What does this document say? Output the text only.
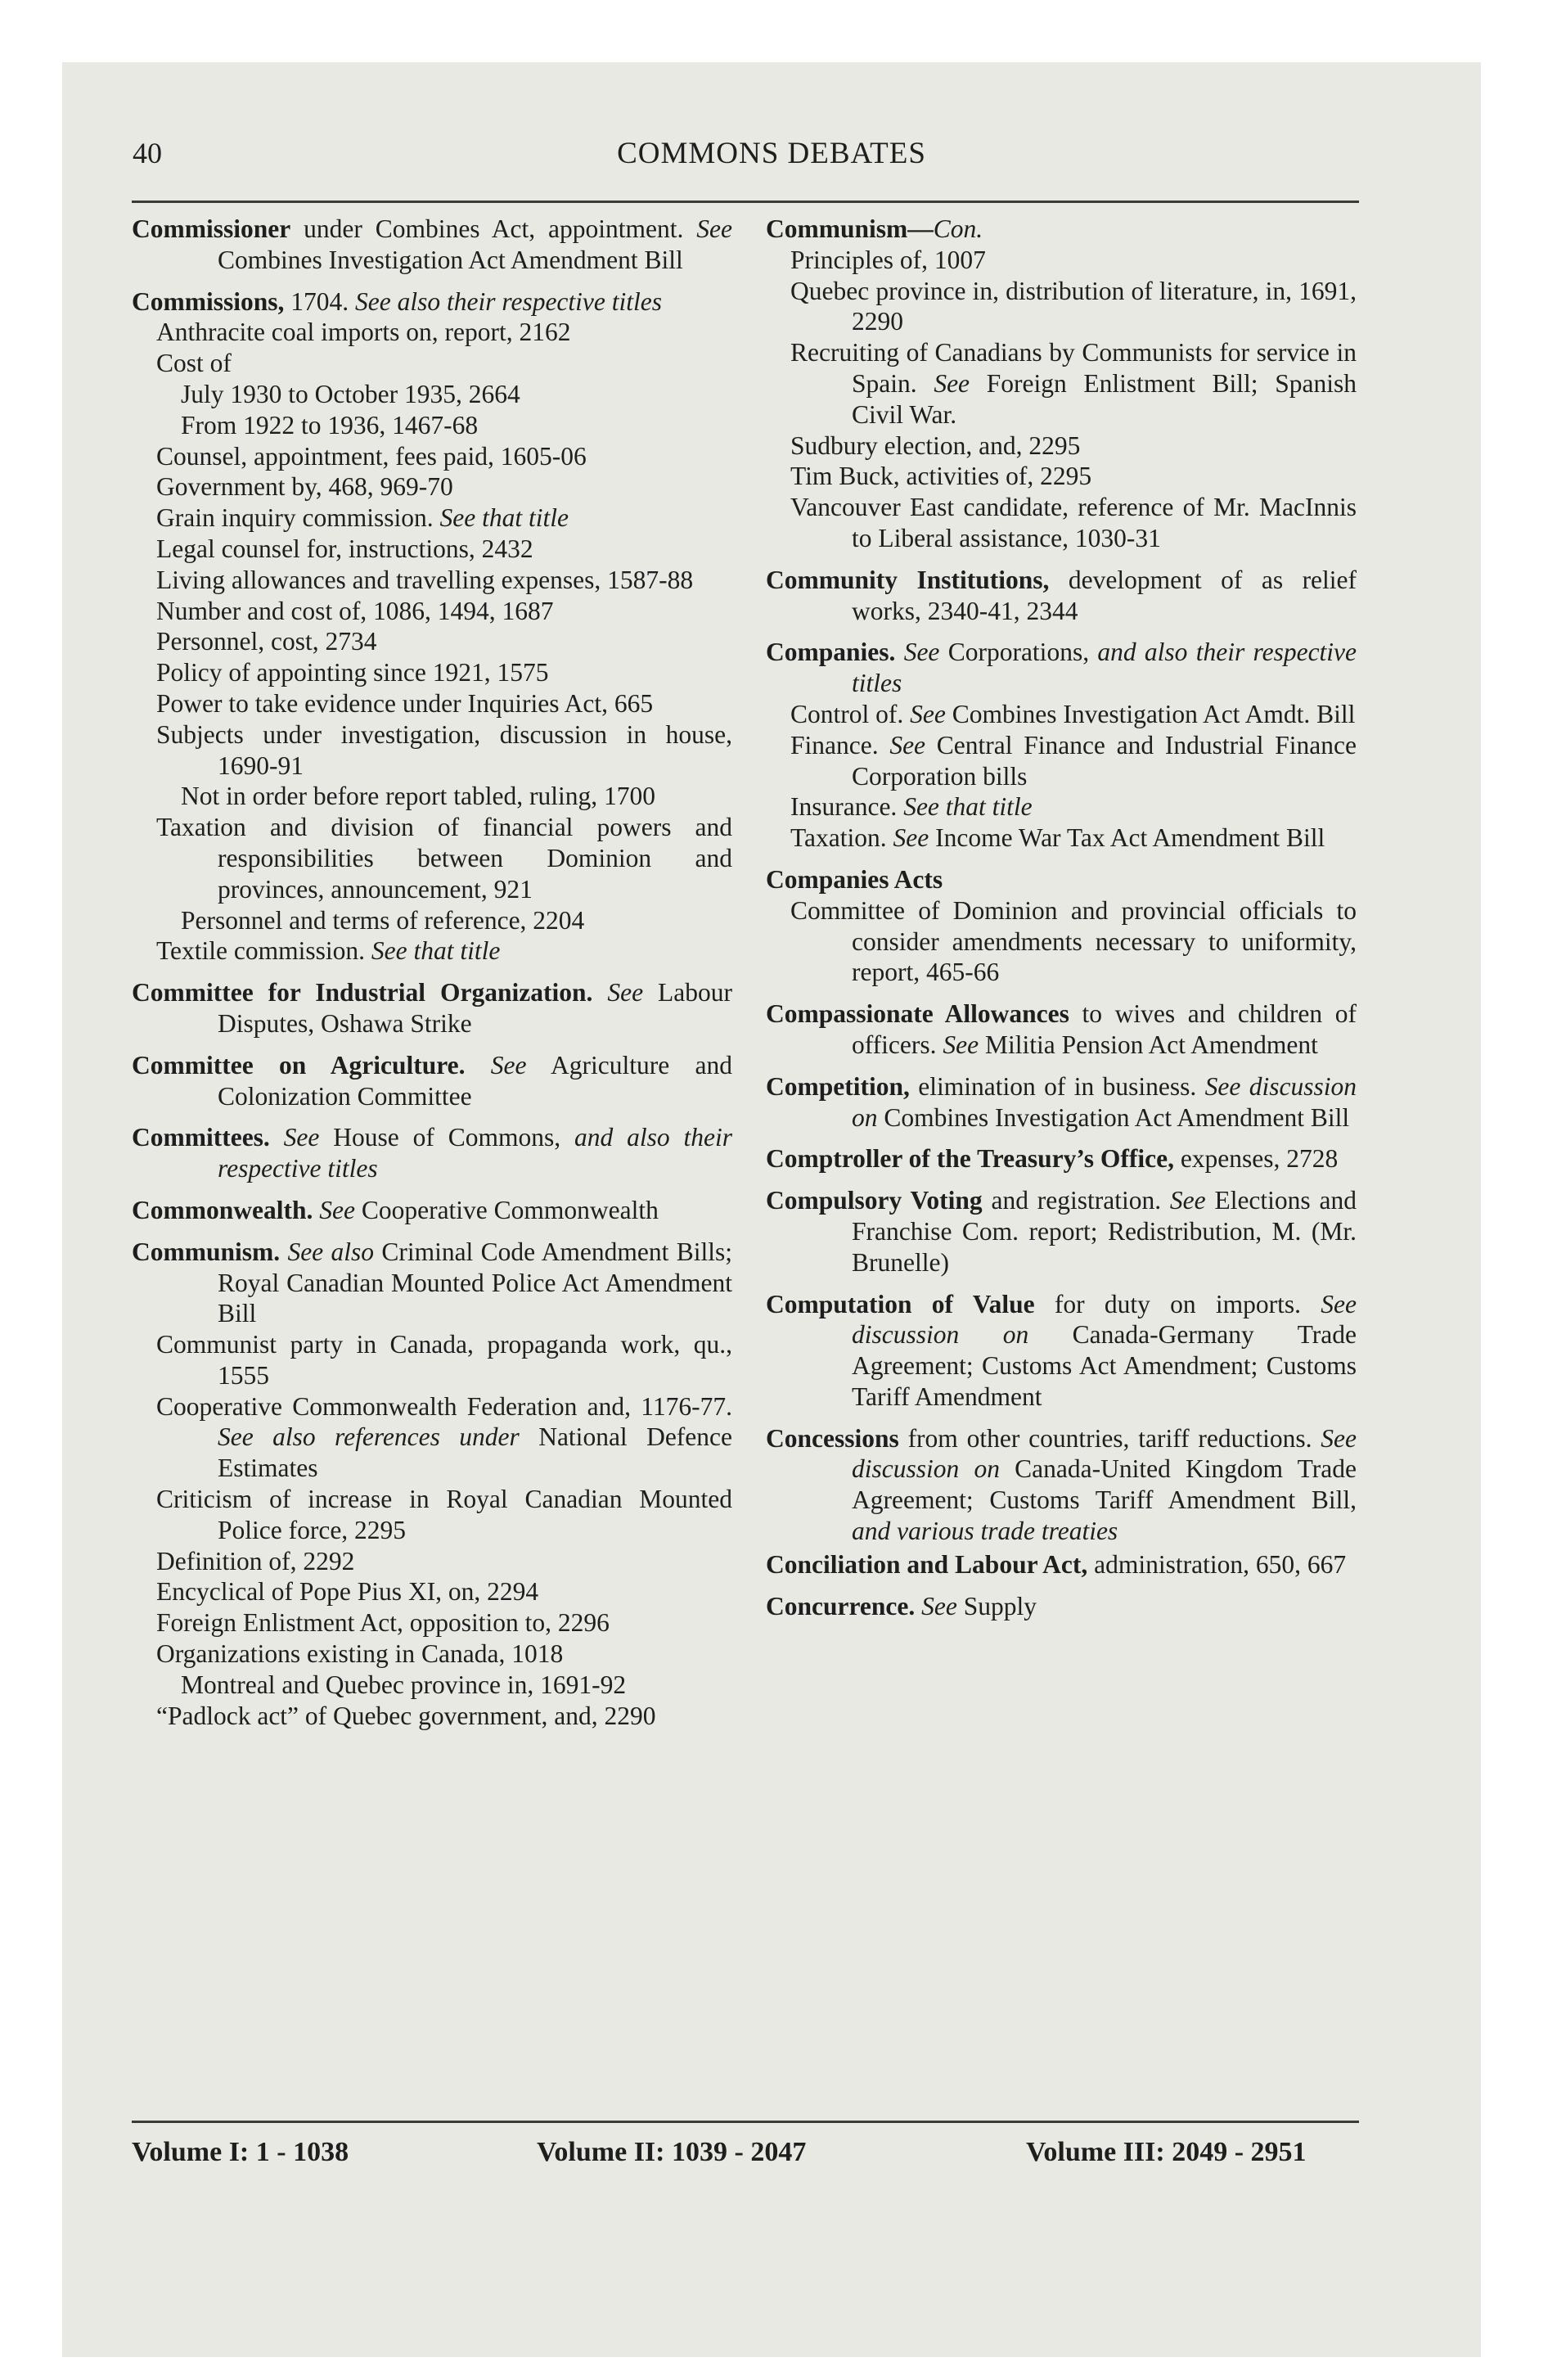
40	COMMONS DEBATES
Commissioner under Combines Act, appointment. See Combines Investigation Act Amendment Bill
Commissions, 1704. See also their respective titles
Anthracite coal imports on, report, 2162
Cost of
July 1930 to October 1935, 2664
From 1922 to 1936, 1467-68
Counsel, appointment, fees paid, 1605-06
Government by, 468, 969-70
Grain inquiry commission. See that title
Legal counsel for, instructions, 2432
Living allowances and travelling expenses, 1587-88
Number and cost of, 1086, 1494, 1687
Personnel, cost, 2734
Policy of appointing since 1921, 1575
Power to take evidence under Inquiries Act, 665
Subjects under investigation, discussion in house, 1690-91
Not in order before report tabled, ruling, 1700
Taxation and division of financial powers and responsibilities between Dominion and provinces, announcement, 921
Personnel and terms of reference, 2204
Textile commission. See that title
Committee for Industrial Organization. See Labour Disputes, Oshawa Strike
Committee on Agriculture. See Agriculture and Colonization Committee
Committees. See House of Commons, and also their respective titles
Commonwealth. See Cooperative Commonwealth
Communism. See also Criminal Code Amendment Bills; Royal Canadian Mounted Police Act Amendment Bill
Communist party in Canada, propaganda work, qu., 1555
Cooperative Commonwealth Federation and, 1176-77. See also references under National Defence Estimates
Criticism of increase in Royal Canadian Mounted Police force, 2295
Definition of, 2292
Encyclical of Pope Pius XI, on, 2294
Foreign Enlistment Act, opposition to, 2296
Organizations existing in Canada, 1018
Montreal and Quebec province in, 1691-92
“Padlock act” of Quebec government, and, 2290
Communism—Con.
Principles of, 1007
Quebec province in, distribution of literature, in, 1691, 2290
Recruiting of Canadians by Communists for service in Spain. See Foreign Enlistment Bill; Spanish Civil War.
Sudbury election, and, 2295
Tim Buck, activities of, 2295
Vancouver East candidate, reference of Mr. MacInnis to Liberal assistance, 1030-31
Community Institutions, development of as relief works, 2340-41, 2344
Companies. See Corporations, and also their respective titles
Control of. See Combines Investigation Act Amdt. Bill
Finance. See Central Finance and Industrial Finance Corporation bills
Insurance. See that title
Taxation. See Income War Tax Act Amendment Bill
Companies Acts
Committee of Dominion and provincial officials to consider amendments necessary to uniformity, report, 465-66
Compassionate Allowances to wives and children of officers. See Militia Pension Act Amendment
Competition, elimination of in business. See discussion on Combines Investigation Act Amendment Bill
Comptroller of the Treasury’s Office, expenses, 2728
Compulsory Voting and registration. See Elections and Franchise Com. report; Redistribution, M. (Mr. Brunelle)
Computation of Value for duty on imports. See discussion on Canada-Germany Trade Agreement; Customs Act Amendment; Customs Tariff Amendment
Concessions from other countries, tariff reductions. See discussion on Canada-United Kingdom Trade Agreement; Customs Tariff Amendment Bill, and various trade treaties
Conciliation and Labour Act, administration, 650, 667
Concurrence. See Supply
Volume I: 1 - 1038	Volume II: 1039 - 2047	Volume III: 2049 - 2951
